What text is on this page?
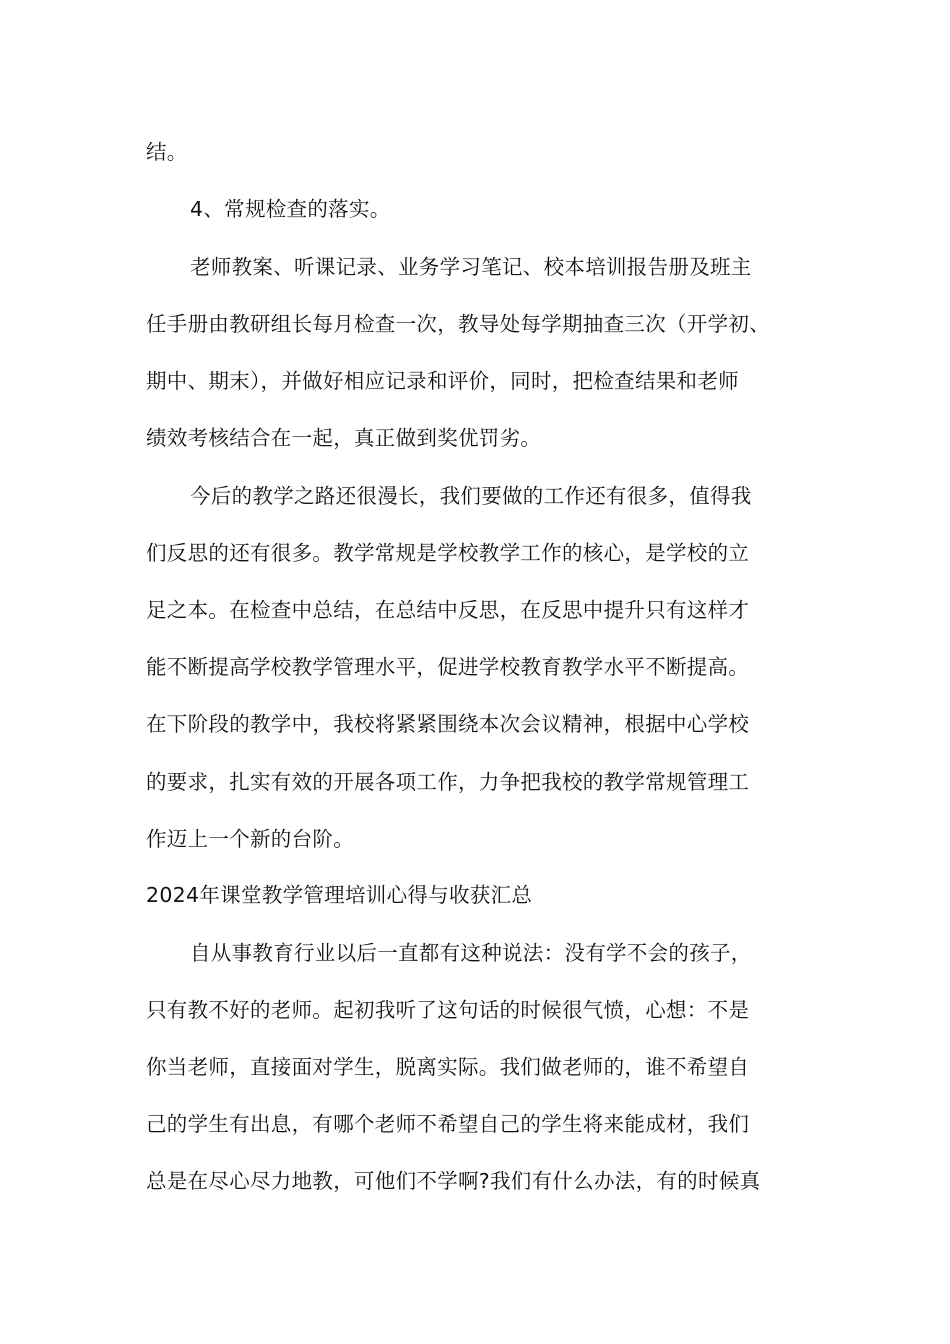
结。
4、常规检查的落实。
老师教案、听课记录、业务学习笔记、校本培训报告册及班主
任手册由教研组长每月检查一次，教导处每学期抽查三次（开学初、
期中、期末），并做好相应记录和评价，同时，把检查结果和老师
绩效考核结合在一起，真正做到奖优罚劣。
今后的教学之路还很漫长，我们要做的工作还有很多，值得我
们反思的还有很多。教学常规是学校教学工作的核心，是学校的立
足之本。在检查中总结，在总结中反思，在反思中提升只有这样才
能不断提高学校教学管理水平，促进学校教育教学水平不断提高。
在下阶段的教学中，我校将紧紧围绕本次会议精神，根据中心学校
的要求，扎实有效的开展各项工作，力争把我校的教学常规管理工
作迈上一个新的台阶。
2024年课堂教学管理培训心得与收获汇总
自从事教育行业以后一直都有这种说法：没有学不会的孩子，
只有教不好的老师。起初我听了这句话的时候很气愤，心想：不是
你当老师，直接面对学生，脱离实际。我们做老师的，谁不希望自
己的学生有出息，有哪个老师不希望自己的学生将来能成材，我们
总是在尽心尽力地教，可他们不学啊?我们有什么办法，有的时候真
